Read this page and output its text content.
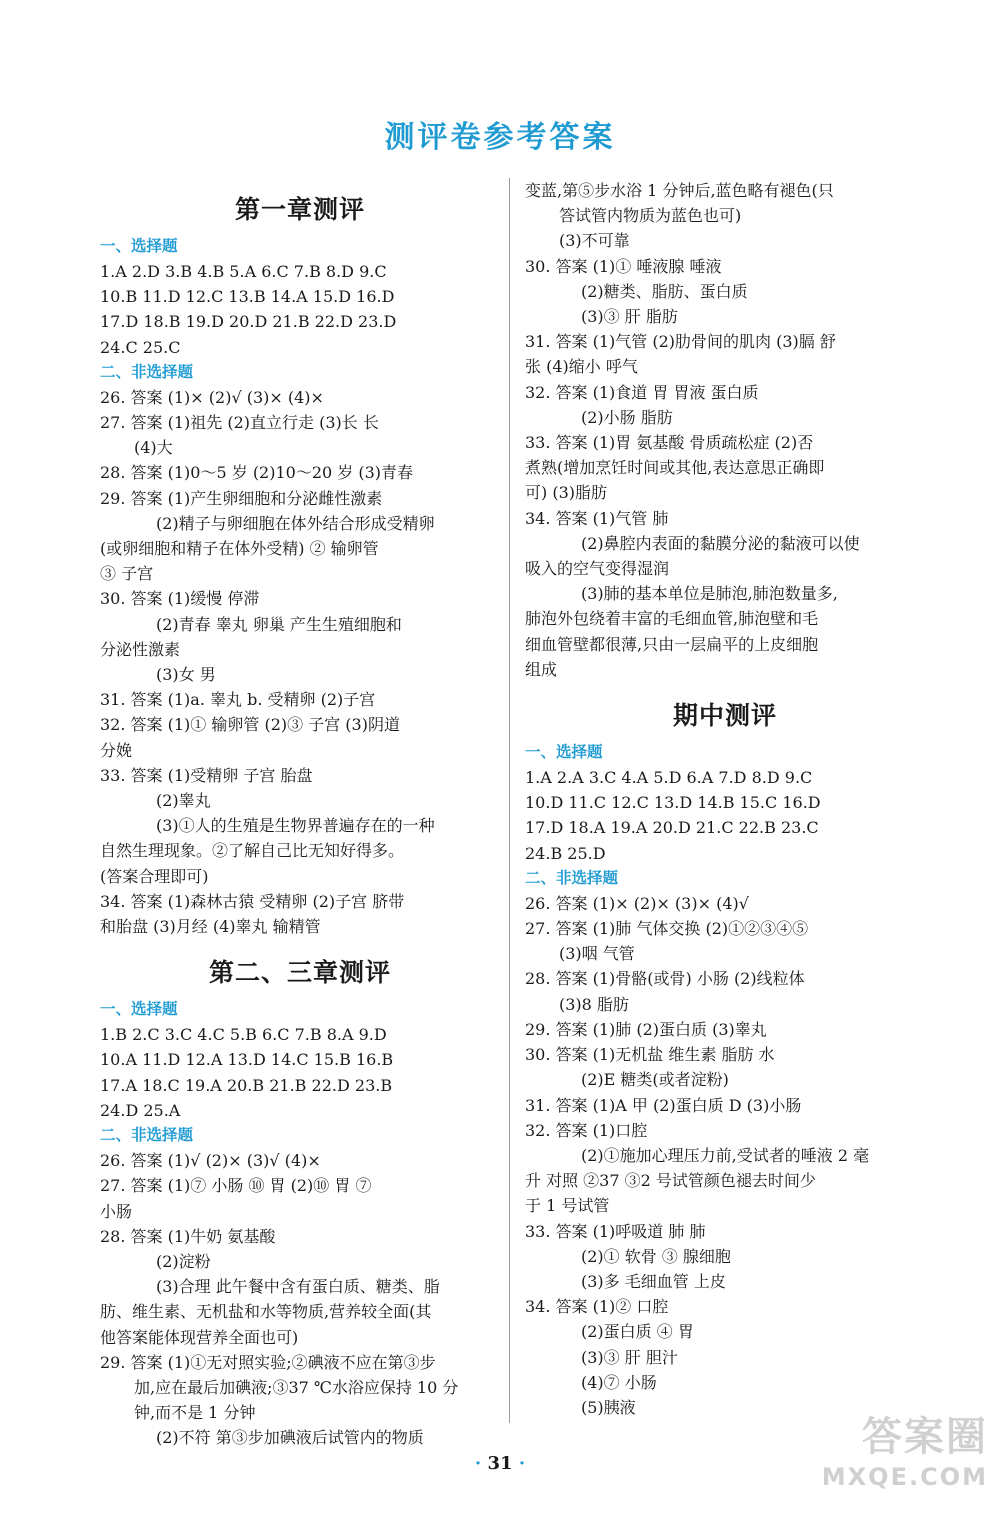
测评卷参考答案
第一章测评
一、选择题
1.A 2.D 3.B 4.B 5.A 6.C 7.B 8.D 9.C
10.B 11.D 12.C 13.B 14.A 15.D 16.D
17.D 18.B 19.D 20.D 21.B 22.D 23.D
24.C 25.C
二、非选择题
26. 答案 (1)× (2)√ (3)× (4)×
27. 答案 (1)祖先 (2)直立行走 (3)长 长
(4)大
28. 答案 (1)0～5 岁 (2)10～20 岁 (3)青春
29. 答案 (1)产生卵细胞和分泌雌性激素
(2)精子与卵细胞在体外结合形成受精卵
(或卵细胞和精子在体外受精) ② 输卵管
③ 子宫
30. 答案 (1)缓慢 停滞
(2)青春 睾丸 卵巢 产生生殖细胞和
分泌性激素
(3)女 男
31. 答案 (1)a. 睾丸 b. 受精卵 (2)子宫
32. 答案 (1)① 输卵管 (2)③ 子宫 (3)阴道
分娩
33. 答案 (1)受精卵 子宫 胎盘
(2)睾丸
(3)①人的生殖是生物界普遍存在的一种
自然生理现象。②了解自己比无知好得多。
(答案合理即可)
34. 答案 (1)森林古猿 受精卵 (2)子宫 脐带
和胎盘 (3)月经 (4)睾丸 输精管
第二、三章测评
一、选择题
1.B 2.C 3.C 4.C 5.B 6.C 7.B 8.A 9.D
10.A 11.D 12.A 13.D 14.C 15.B 16.B
17.A 18.C 19.A 20.B 21.B 22.D 23.B
24.D 25.A
二、非选择题
26. 答案 (1)√ (2)× (3)√ (4)×
27. 答案 (1)⑦ 小肠 ⑩ 胃 (2)⑩ 胃 ⑦
小肠
28. 答案 (1)牛奶 氨基酸
(2)淀粉
(3)合理 此午餐中含有蛋白质、糖类、脂
肪、维生素、无机盐和水等物质,营养较全面(其
他答案能体现营养全面也可)
29. 答案 (1)①无对照实验;②碘液不应在第③步
加,应在最后加碘液;③37 ℃水浴应保持 10 分
钟,而不是 1 分钟
(2)不符 第③步加碘液后试管内的物质
变蓝,第⑤步水浴 1 分钟后,蓝色略有褪色(只
答试管内物质为蓝色也可)
(3)不可靠
30. 答案 (1)① 唾液腺 唾液
(2)糖类、脂肪、蛋白质
(3)③ 肝 脂肪
31. 答案 (1)气管 (2)肋骨间的肌肉 (3)膈 舒
张 (4)缩小 呼气
32. 答案 (1)食道 胃 胃液 蛋白质
(2)小肠 脂肪
33. 答案 (1)胃 氨基酸 骨质疏松症 (2)否
煮熟(增加烹饪时间或其他,表达意思正确即
可) (3)脂肪
34. 答案 (1)气管 肺
(2)鼻腔内表面的黏膜分泌的黏液可以使
吸入的空气变得湿润
(3)肺的基本单位是肺泡,肺泡数量多,
肺泡外包绕着丰富的毛细血管,肺泡壁和毛
细血管壁都很薄,只由一层扁平的上皮细胞
组成
期中测评
一、选择题
1.A 2.A 3.C 4.A 5.D 6.A 7.D 8.D 9.C
10.D 11.C 12.C 13.D 14.B 15.C 16.D
17.D 18.A 19.A 20.D 21.C 22.B 23.C
24.B 25.D
二、非选择题
26. 答案 (1)× (2)× (3)× (4)√
27. 答案 (1)肺 气体交换 (2)①②③④⑤
(3)咽 气管
28. 答案 (1)骨骼(或骨) 小肠 (2)线粒体
(3)8 脂肪
29. 答案 (1)肺 (2)蛋白质 (3)睾丸
30. 答案 (1)无机盐 维生素 脂肪 水
(2)E 糖类(或者淀粉)
31. 答案 (1)A 甲 (2)蛋白质 D (3)小肠
32. 答案 (1)口腔
(2)①施加心理压力前,受试者的唾液 2 毫
升 对照 ②37 ③2 号试管颜色褪去时间少
于 1 号试管
33. 答案 (1)呼吸道 肺 肺
(2)① 软骨 ③ 腺细胞
(3)多 毛细血管 上皮
34. 答案 (1)② 口腔
(2)蛋白质 ④ 胃
(3)③ 肝 胆汁
(4)⑦ 小肠
(5)胰液
· 31 ·
答案圈
MXQE.COM
